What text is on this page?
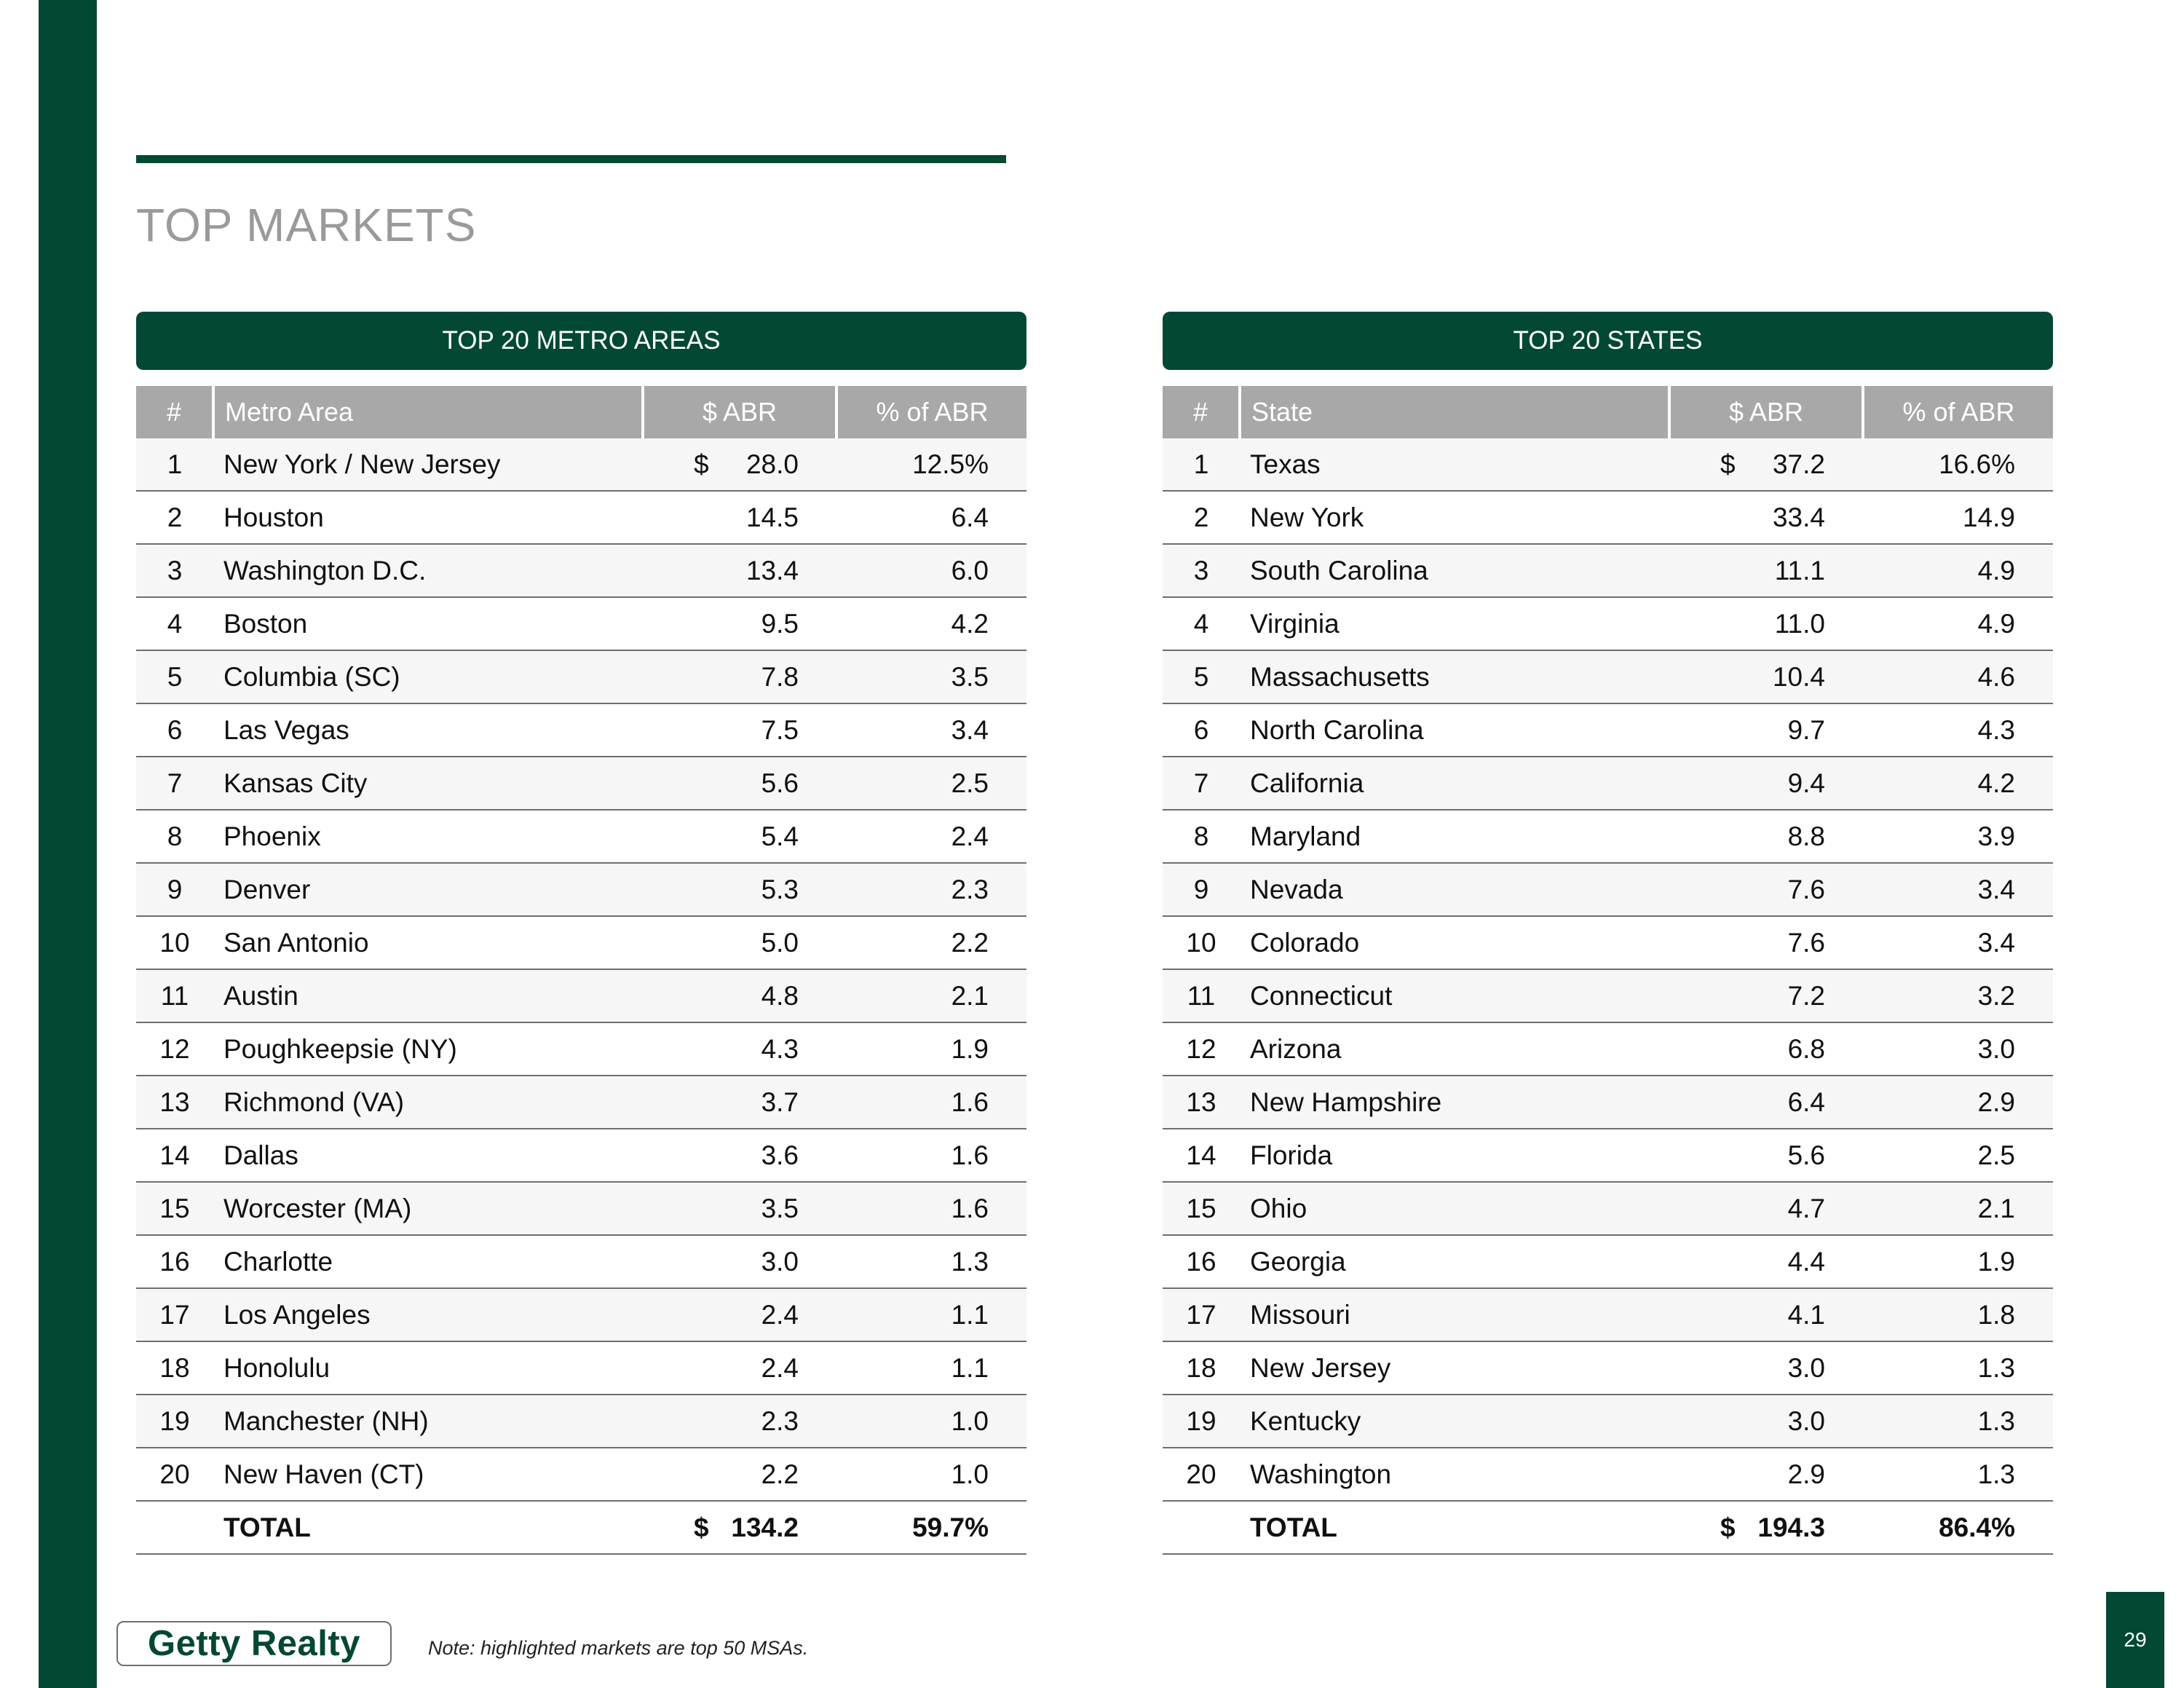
TOP MARKETS
TOP 20 METRO AREAS
#	Metro Area	$ ABR	% of ABR
1	New York / New Jersey	$ 28.0	12.5%
2	Houston	14.5	6.4
3	Washington D.C.	13.4	6.0
4	Boston	9.5	4.2
5	Columbia (SC)	7.8	3.5
6	Las Vegas	7.5	3.4
7	Kansas City	5.6	2.5
8	Phoenix	5.4	2.4
9	Denver	5.3	2.3
10	San Antonio	5.0	2.2
11	Austin	4.8	2.1
12	Poughkeepsie (NY)	4.3	1.9
13	Richmond (VA)	3.7	1.6
14	Dallas	3.6	1.6
15	Worcester (MA)	3.5	1.6
16	Charlotte	3.0	1.3
17	Los Angeles	2.4	1.1
18	Honolulu	2.4	1.1
19	Manchester (NH)	2.3	1.0
20	New Haven (CT)	2.2	1.0
	TOTAL	$ 134.2	59.7%
TOP 20 STATES
#	State	$ ABR	% of ABR
1	Texas	$ 37.2	16.6%
2	New York	33.4	14.9
3	South Carolina	11.1	4.9
4	Virginia	11.0	4.9
5	Massachusetts	10.4	4.6
6	North Carolina	9.7	4.3
7	California	9.4	4.2
8	Maryland	8.8	3.9
9	Nevada	7.6	3.4
10	Colorado	7.6	3.4
11	Connecticut	7.2	3.2
12	Arizona	6.8	3.0
13	New Hampshire	6.4	2.9
14	Florida	5.6	2.5
15	Ohio	4.7	2.1
16	Georgia	4.4	1.9
17	Missouri	4.1	1.8
18	New Jersey	3.0	1.3
19	Kentucky	3.0	1.3
20	Washington	2.9	1.3
	TOTAL	$ 194.3	86.4%
Getty Realty	Note: highlighted markets are top 50 MSAs.	29
